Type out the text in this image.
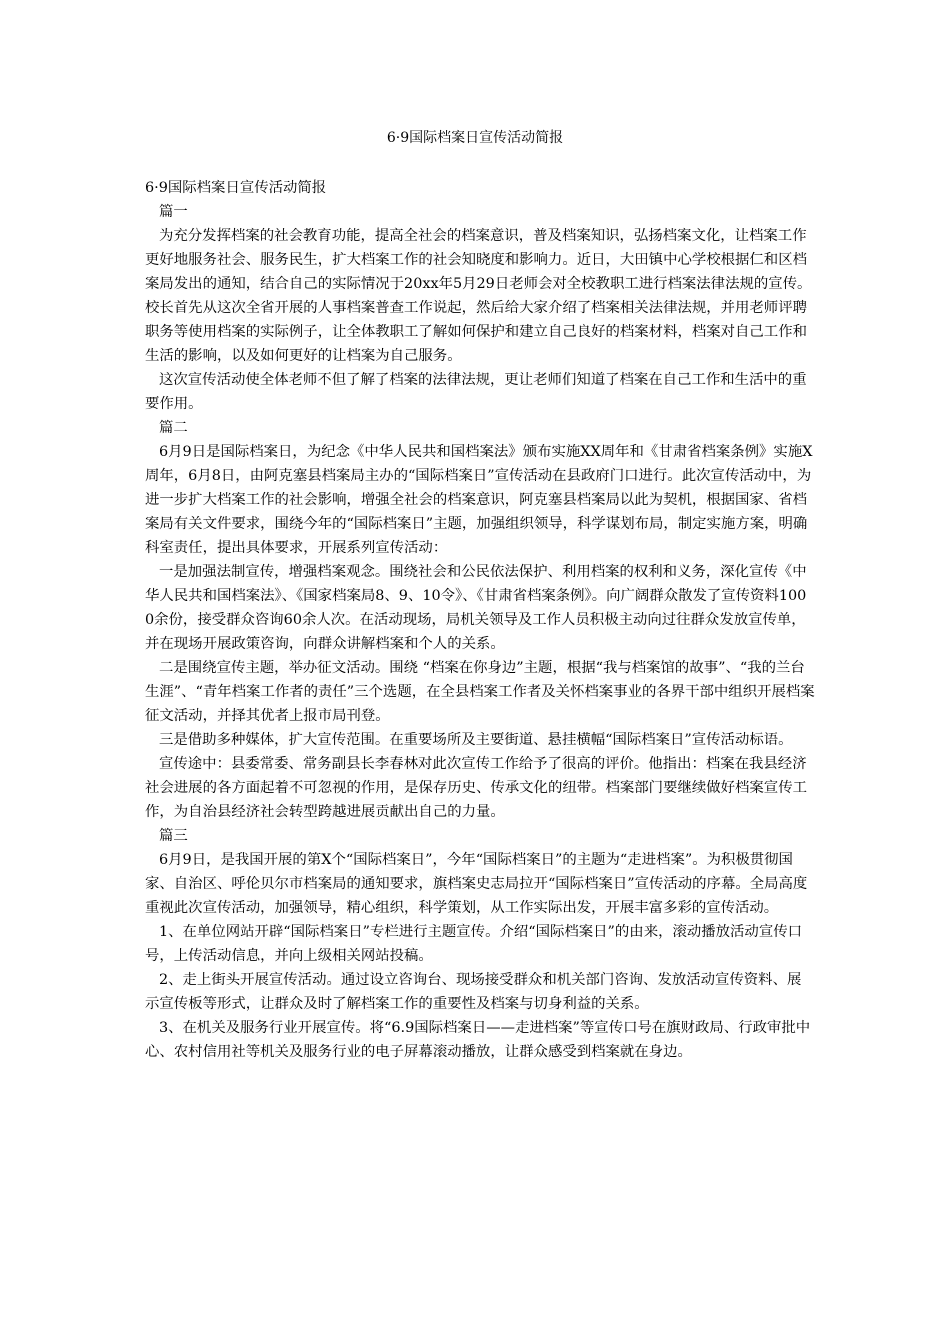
6·9国际档案日宣传活动简报

6·9国际档案日宣传活动简报

篇一

为充分发挥档案的社会教育功能，提高全社会的档案意识，普及档案知识，弘扬档案文化，让档案工作更好地服务社会、服务民生，扩大档案工作的社会知晓度和影响力。近日，大田镇中心学校根据仁和区档案局发出的通知，结合自己的实际情况于20xx年5月29日老师会对全校教职工进行档案法律法规的宣传。校长首先从这次全省开展的人事档案普查工作说起，然后给大家介绍了档案相关法律法规，并用老师评聘职务等使用档案的实际例子，让全体教职工了解如何保护和建立自己良好的档案材料，档案对自己工作和生活的影响，以及如何更好的让档案为自己服务。

这次宣传活动使全体老师不但了解了档案的法律法规，更让老师们知道了档案在自己工作和生活中的重要作用。

篇二

6月9日是国际档案日，为纪念《中华人民共和国档案法》颁布实施XX周年和《甘肃省档案条例》实施X周年，6月8日，由阿克塞县档案局主办的“国际档案日”宣传活动在县政府门口进行。此次宣传活动中，为进一步扩大档案工作的社会影响，增强全社会的档案意识，阿克塞县档案局以此为契机，根据国家、省档案局有关文件要求，围绕今年的“国际档案日”主题，加强组织领导，科学谋划布局，制定实施方案，明确科室责任，提出具体要求，开展系列宣传活动：

一是加强法制宣传，增强档案观念。围绕社会和公民依法保护、利用档案的权利和义务，深化宣传《中华人民共和国档案法》、《国家档案局8、9、10令》、《甘肃省档案条例》。向广阔群众散发了宣传资料1000余份，接受群众咨询60余人次。在活动现场，局机关领导及工作人员积极主动向过往群众发放宣传单，并在现场开展政策咨询，向群众讲解档案和个人的关系。

二是围绕宣传主题，举办征文活动。围绕 “档案在你身边”主题，根据“我与档案馆的故事”、“我的兰台生涯”、“青年档案工作者的责任”三个选题，在全县档案工作者及关怀档案事业的各界干部中组织开展档案征文活动，并择其优者上报市局刊登。

三是借助多种媒体，扩大宣传范围。在重要场所及主要街道、悬挂横幅“国际档案日”宣传活动标语。

宣传途中：县委常委、常务副县长李春林对此次宣传工作给予了很高的评价。他指出：档案在我县经济社会进展的各方面起着不可忽视的作用，是保存历史、传承文化的纽带。档案部门要继续做好档案宣传工作，为自治县经济社会转型跨越进展贡献出自己的力量。

篇三

6月9日，是我国开展的第X个“国际档案日”，今年“国际档案日”的主题为“走进档案”。为积极贯彻国家、自治区、呼伦贝尔市档案局的通知要求，旗档案史志局拉开“国际档案日”宣传活动的序幕。全局高度重视此次宣传活动，加强领导，精心组织，科学策划，从工作实际出发，开展丰富多彩的宣传活动。

1、在单位网站开辟“国际档案日”专栏进行主题宣传。介绍“国际档案日”的由来，滚动播放活动宣传口号，上传活动信息，并向上级相关网站投稿。

2、走上街头开展宣传活动。通过设立咨询台、现场接受群众和机关部门咨询、发放活动宣传资料、展示宣传板等形式，让群众及时了解档案工作的重要性及档案与切身利益的关系。

3、在机关及服务行业开展宣传。将“6.9国际档案日——走进档案”等宣传口号在旗财政局、行政审批中心、农村信用社等机关及服务行业的电子屏幕滚动播放，让群众感受到档案就在身边。
